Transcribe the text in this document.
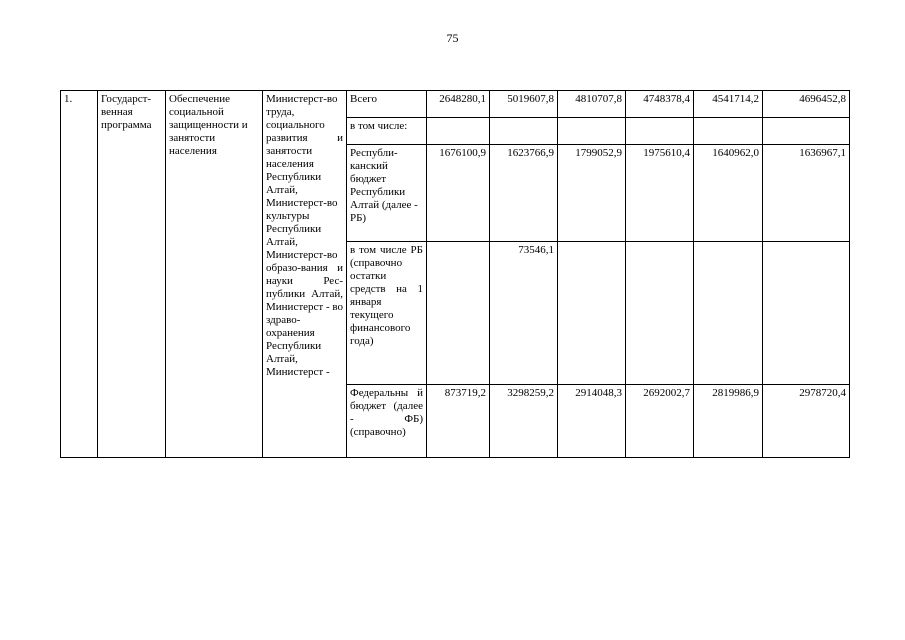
75
1.	Государст-венная программа	Обеспечение социальной защищенности и занятости населения	Министерст-во труда, социального развития и занятости населения Республики Алтай, Министерст-во культуры Республики Алтай, Министерст-во образо-вания и науки Рес-публики Алтай, Министерст - во здраво-охранения Республики Алтай, Министерст -	Всего	2648280,1	5019607,8	4810707,8	4748378,4	4541714,2	4696452,8
				в том числе:						

				Республи-канский бюджет Республики Алтай (далее - РБ)	1676100,9	1623766,9	1799052,9	1975610,4	1640962,0	1636967,1

				в том числе РБ (справочно остатки средств на 1 января текущего финансового года)		73546,1				

				Федеральны й бюджет (далее - ФБ) (справочно)	873719,2	3298259,2	2914048,3	2692002,7	2819986,9	2978720,4
